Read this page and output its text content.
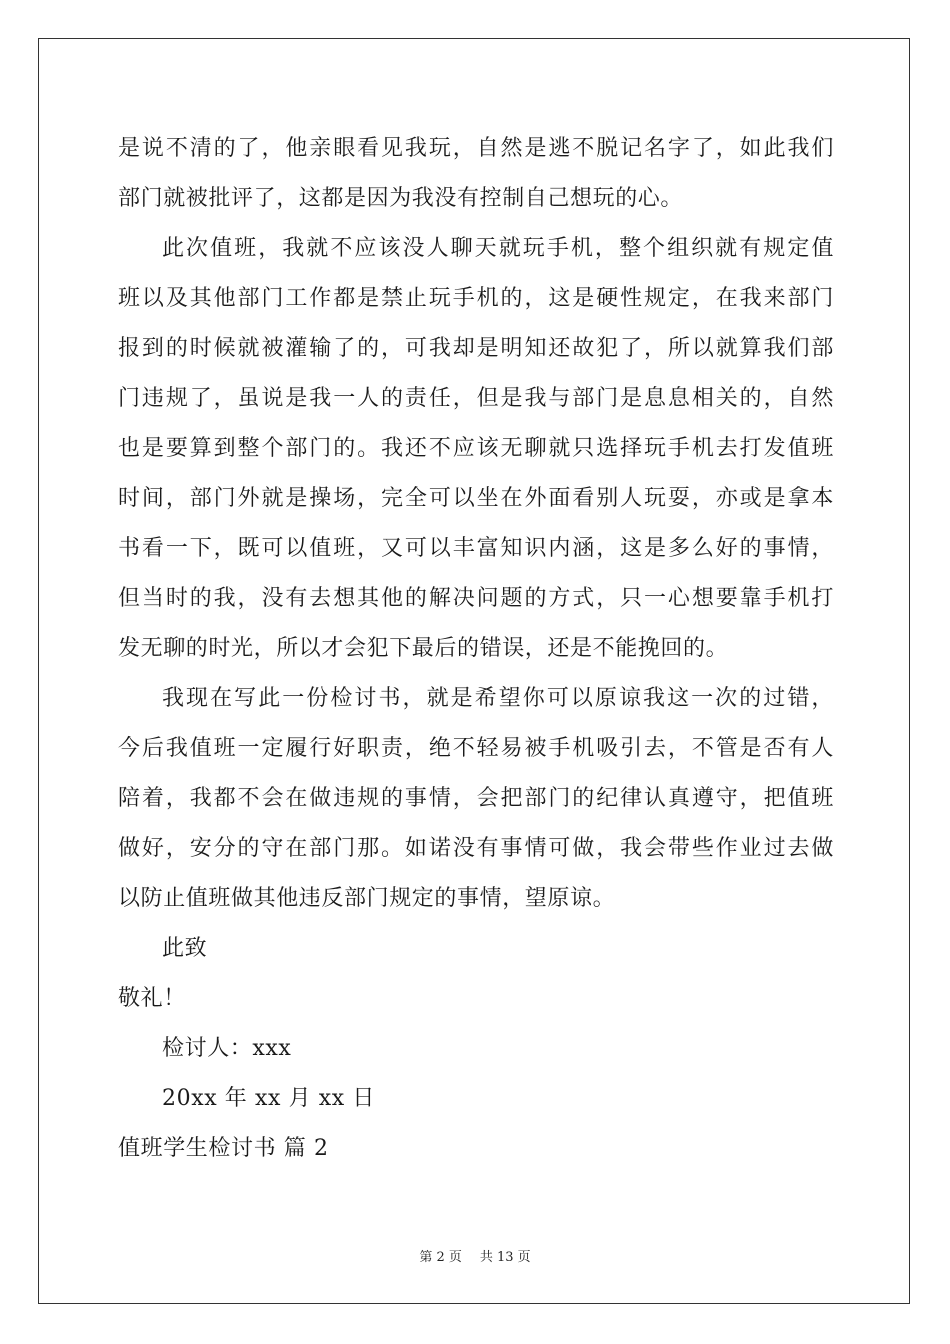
是说不清的了，他亲眼看见我玩，自然是逃不脱记名字了，如此我们
部门就被批评了，这都是因为我没有控制自己想玩的心。
此次值班，我就不应该没人聊天就玩手机，整个组织就有规定值
班以及其他部门工作都是禁止玩手机的，这是硬性规定，在我来部门
报到的时候就被灌输了的，可我却是明知还故犯了，所以就算我们部
门违规了，虽说是我一人的责任，但是我与部门是息息相关的，自然
也是要算到整个部门的。我还不应该无聊就只选择玩手机去打发值班
时间，部门外就是操场，完全可以坐在外面看别人玩耍，亦或是拿本
书看一下，既可以值班，又可以丰富知识内涵，这是多么好的事情，
但当时的我，没有去想其他的解决问题的方式，只一心想要靠手机打
发无聊的时光，所以才会犯下最后的错误，还是不能挽回的。
我现在写此一份检讨书，就是希望你可以原谅我这一次的过错，
今后我值班一定履行好职责，绝不轻易被手机吸引去，不管是否有人
陪着，我都不会在做违规的事情，会把部门的纪律认真遵守，把值班
做好，安分的守在部门那。如诺没有事情可做，我会带些作业过去做
以防止值班做其他违反部门规定的事情，望原谅。
此致
敬礼！
检讨人：xxx
20xx 年 xx 月 xx 日
值班学生检讨书 篇 2
第 2 页 共 13 页
